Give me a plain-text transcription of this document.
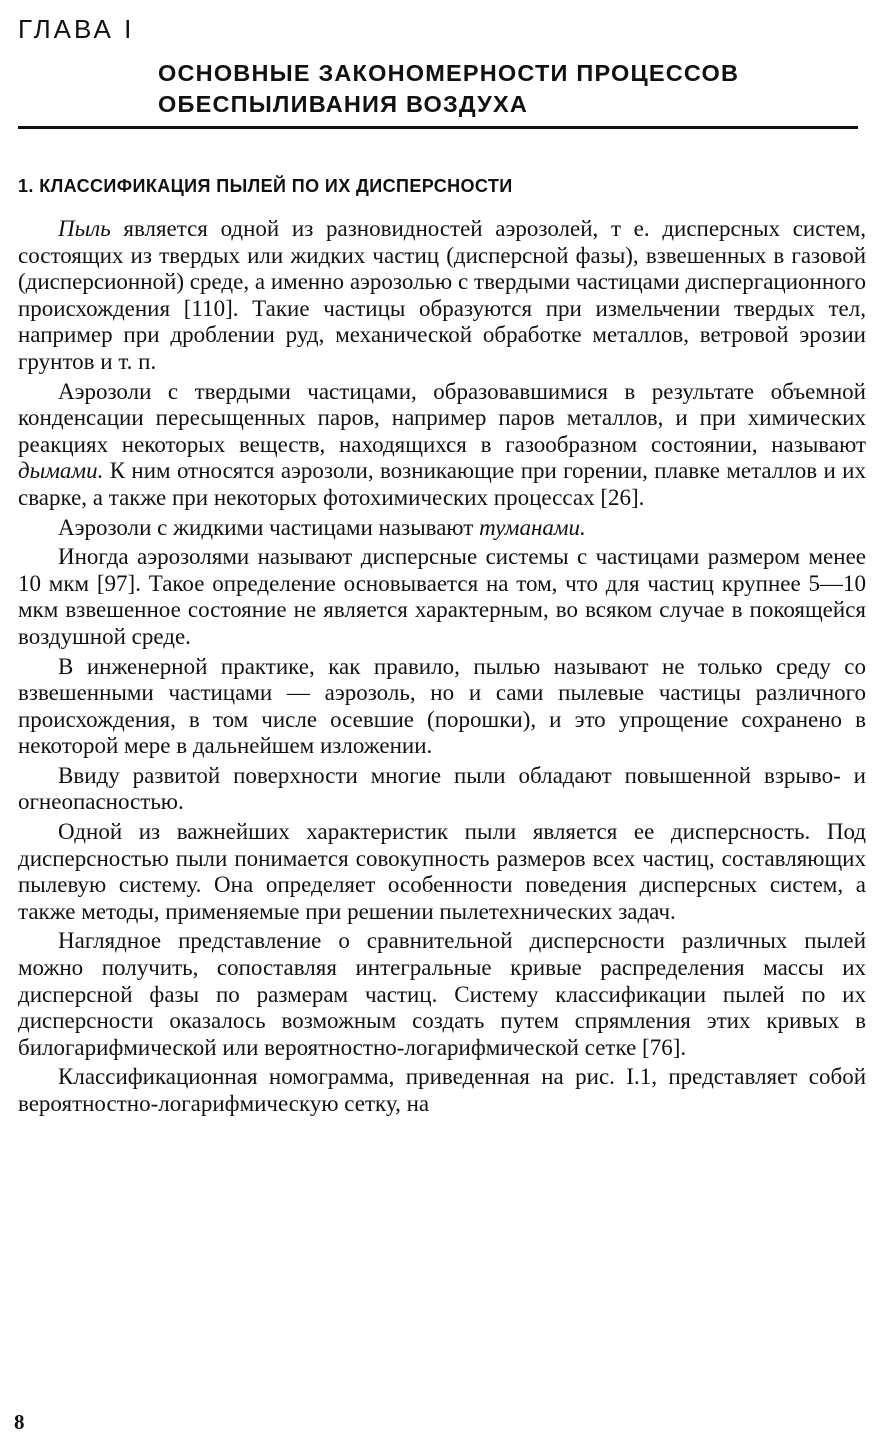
ГЛАВА I
ОСНОВНЫЕ ЗАКОНОМЕРНОСТИ ПРОЦЕССОВ
ОБЕСПЫЛИВАНИЯ ВОЗДУХА
1. КЛАССИФИКАЦИЯ ПЫЛЕЙ ПО ИХ ДИСПЕРСНОСТИ

Пыль является одной из разновидностей аэрозолей, т е. дисперсных систем, состоящих из твердых или жидких частиц (дисперсной фазы), взвешенных в газовой (дисперсионной) среде, а именно аэрозолью с твердыми частицами диспергационного происхождения [110]. Такие частицы образуются при измельчении твердых тел, например при дроблении руд, механической обработке металлов, ветровой эрозии грунтов и т. п.

Аэрозоли с твердыми частицами, образовавшимися в результате объемной конденсации пересыщенных паров, например паров металлов, и при химических реакциях некоторых веществ, находящихся в газообразном состоянии, называют дымами. К ним относятся аэрозоли, возникающие при горении, плавке металлов и их сварке, а также при некоторых фотохимических процессах [26].

Аэрозоли с жидкими частицами называют туманами.

Иногда аэрозолями называют дисперсные системы с частицами размером менее 10 мкм [97]. Такое определение основывается на том, что для частиц крупнее 5—10 мкм взвешенное состояние не является характерным, во всяком случае в покоящейся воздушной среде.

В инженерной практике, как правило, пылью называют не только среду со взвешенными частицами — аэрозоль, но и сами пылевые частицы различного происхождения, в том числе осевшие (порошки), и это упрощение сохранено в некоторой мере в дальнейшем изложении.

Ввиду развитой поверхности многие пыли обладают повышенной взрыво- и огнеопасностью.

Одной из важнейших характеристик пыли является ее дисперсность. Под дисперсностью пыли понимается совокупность размеров всех частиц, составляющих пылевую систему. Она определяет особенности поведения дисперсных систем, а также методы, применяемые при решении пылетехнических задач.

Наглядное представление о сравнительной дисперсности различных пылей можно получить, сопоставляя интегральные кривые распределения массы их дисперсной фазы по размерам частиц. Систему классификации пылей по их дисперсности оказалось возможным создать путем спрямления этих кривых в билогарифмической или вероятностно-логарифмической сетке [76].

Классификационная номограмма, приведенная на рис. I.1, представляет собой вероятностно-логарифмическую сетку, на

8
